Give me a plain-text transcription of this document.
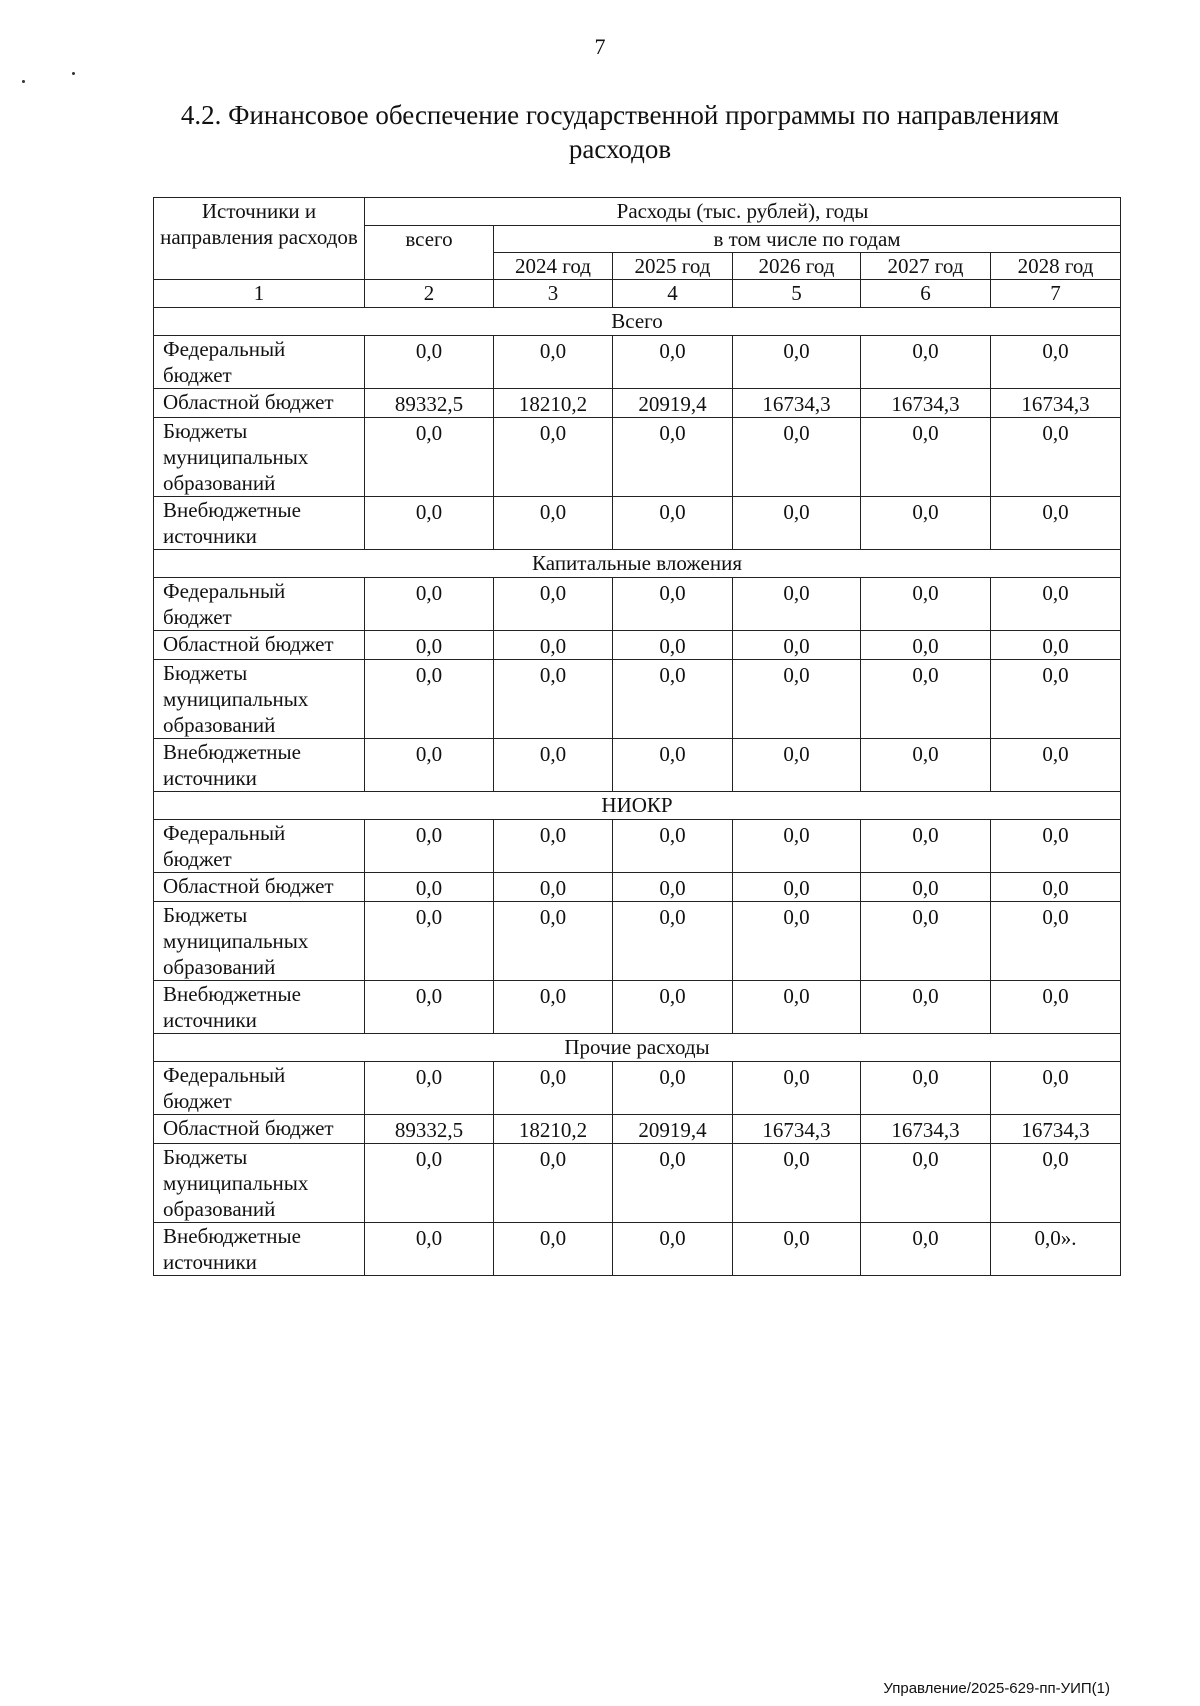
7
4.2. Финансовое обеспечение государственной программы по направлениям
расходов
Источники и направления расходов	Расходы (тыс. рублей), годы					
	всего	в том числе по годам				
		2024 год	2025 год	2026 год	2027 год	2028 год
1	2	3	4	5	6	7
Всего						
Федеральный бюджет	0,0	0,0	0,0	0,0	0,0	0,0
Областной бюджет	89332,5	18210,2	20919,4	16734,3	16734,3	16734,3
Бюджеты муниципальных образований	0,0	0,0	0,0	0,0	0,0	0,0
Внебюджетные источники	0,0	0,0	0,0	0,0	0,0	0,0
Капитальные вложения						
Федеральный бюджет	0,0	0,0	0,0	0,0	0,0	0,0
Областной бюджет	0,0	0,0	0,0	0,0	0,0	0,0
Бюджеты муниципальных образований	0,0	0,0	0,0	0,0	0,0	0,0
Внебюджетные источники	0,0	0,0	0,0	0,0	0,0	0,0
НИОКР						
Федеральный бюджет	0,0	0,0	0,0	0,0	0,0	0,0
Областной бюджет	0,0	0,0	0,0	0,0	0,0	0,0
Бюджеты муниципальных образований	0,0	0,0	0,0	0,0	0,0	0,0
Внебюджетные источники	0,0	0,0	0,0	0,0	0,0	0,0
Прочие расходы						
Федеральный бюджет	0,0	0,0	0,0	0,0	0,0	0,0
Областной бюджет	89332,5	18210,2	20919,4	16734,3	16734,3	16734,3
Бюджеты муниципальных образований	0,0	0,0	0,0	0,0	0,0	0,0
Внебюджетные источники	0,0	0,0	0,0	0,0	0,0	0,0».
Управление/2025-629-пп-УИП(1)
